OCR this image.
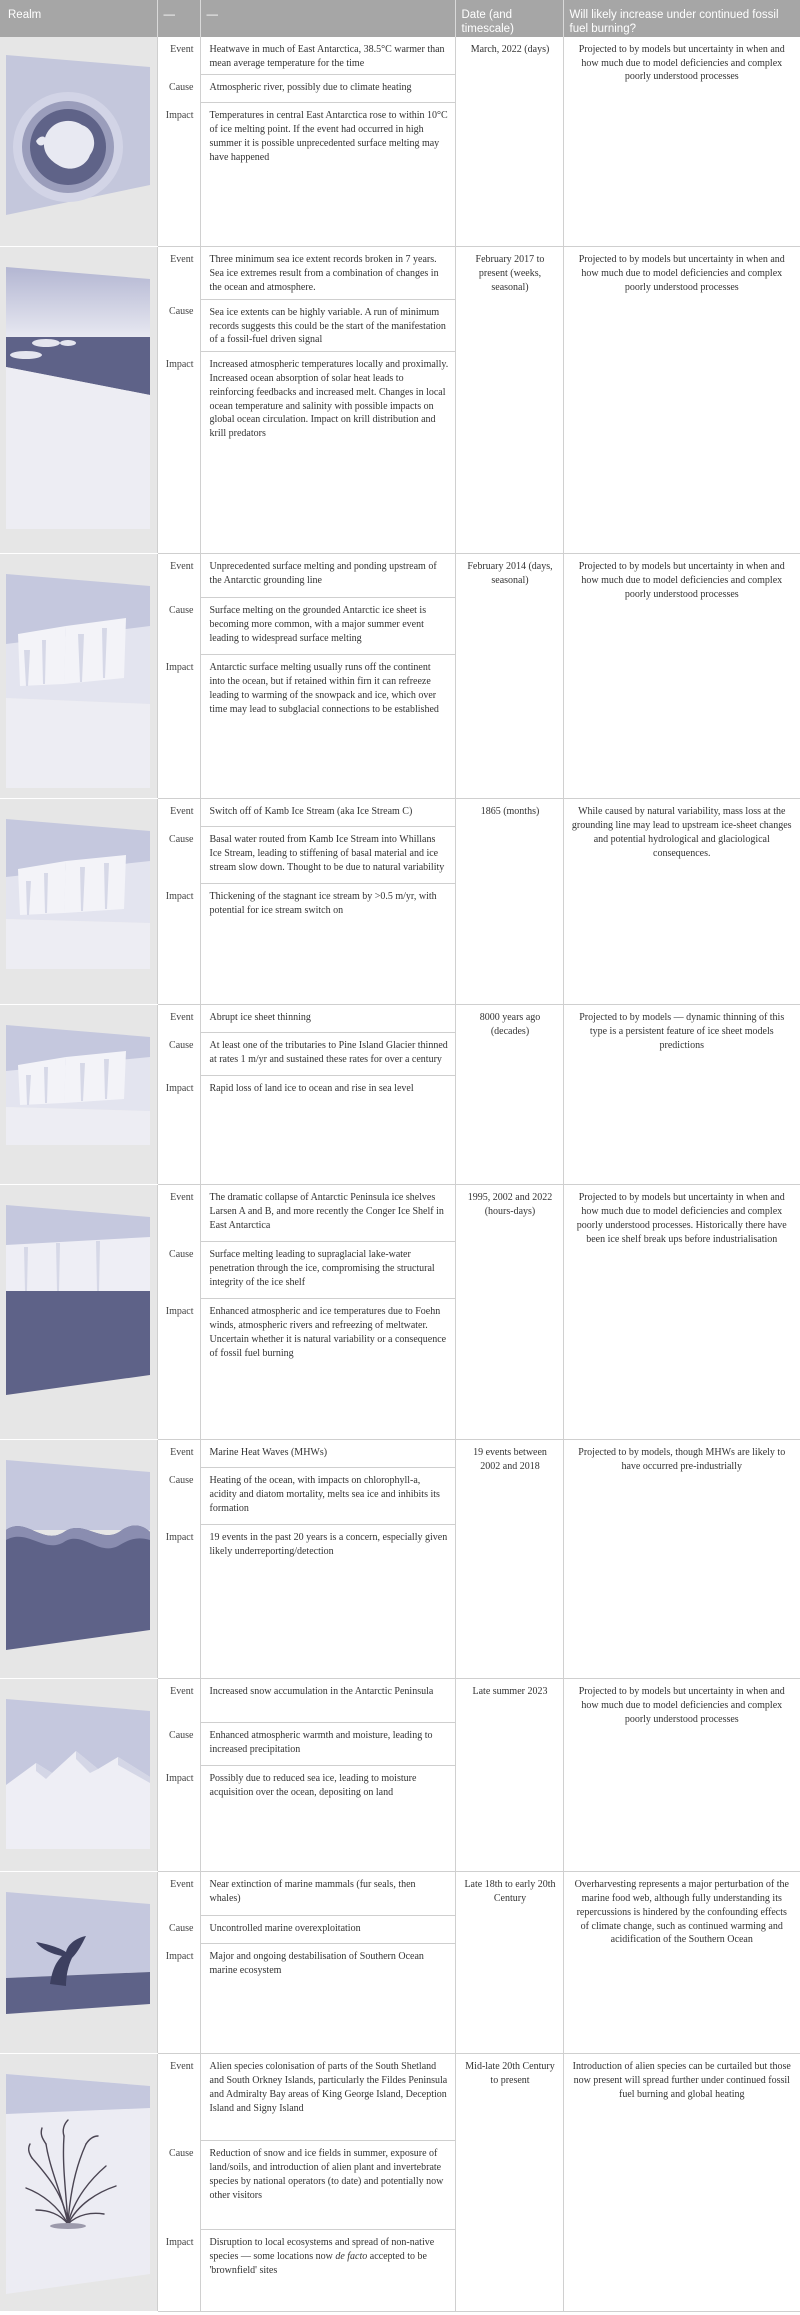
Realm	—	—	Date (and timescale)	Will likely increase under continued fossil fuel burning?

	Event	Heatwave in much of East Antarctica, 38.5°C warmer than mean average temperature for the time	March, 2022 (days)	Projected to by models but uncertainty in when and how much due to model deficiencies and complex poorly understood processes
	Cause	Atmospheric river, possibly due to climate heating		
	Impact	Temperatures in central East Antarctica rose to within 10°C of ice melting point. If the event had occurred in high summer it is possible unprecedented surface melting may have happened		

	Event	Three minimum sea ice extent records broken in 7 years. Sea ice extremes result from a combination of changes in the ocean and atmosphere.	February 2017 to present (weeks, seasonal)	Projected to by models but uncertainty in when and how much due to model deficiencies and complex poorly understood processes
	Cause	Sea ice extents can be highly variable. A run of minimum records suggests this could be the start of the manifestation of a fossil-fuel driven signal		
	Impact	Increased atmospheric temperatures locally and proximally. Increased ocean absorption of solar heat leads to reinforcing feedbacks and increased melt. Changes in local ocean temperature and salinity with possible impacts on global ocean circulation. Impact on krill distribution and krill predators		

	Event	Unprecedented surface melting and ponding upstream of the Antarctic grounding line	February 2014 (days, seasonal)	Projected to by models but uncertainty in when and how much due to model deficiencies and complex poorly understood processes
	Cause	Surface melting on the grounded Antarctic ice sheet is becoming more common, with a major summer event leading to widespread surface melting		
	Impact	Antarctic surface melting usually runs off the continent into the ocean, but if retained within firn it can refreeze leading to warming of the snowpack and ice, which over time may lead to subglacial connections to be established		

	Event	Switch off of Kamb Ice Stream (aka Ice Stream C)	1865 (months)	While caused by natural variability, mass loss at the grounding line may lead to upstream ice-sheet changes and potential hydrological and glaciological consequences.
	Cause	Basal water routed from Kamb Ice Stream into Whillans Ice Stream, leading to stiffening of basal material and ice stream slow down. Thought to be due to natural variability		
	Impact	Thickening of the stagnant ice stream by >0.5 m/yr, with potential for ice stream switch on		

	Event	Abrupt ice sheet thinning	8000 years ago (decades)	Projected to by models — dynamic thinning of this type is a persistent feature of ice sheet models predictions
	Cause	At least one of the tributaries to Pine Island Glacier thinned at rates 1 m/yr and sustained these rates for over a century		
	Impact	Rapid loss of land ice to ocean and rise in sea level		

	Event	The dramatic collapse of Antarctic Peninsula ice shelves Larsen A and B, and more recently the Conger Ice Shelf in East Antarctica	1995, 2002 and 2022 (hours-days)	Projected to by models but uncertainty in when and how much due to model deficiencies and complex poorly understood processes. Historically there have been ice shelf break ups before industrialisation
	Cause	Surface melting leading to supraglacial lake-water penetration through the ice, compromising the structural integrity of the ice shelf		
	Impact	Enhanced atmospheric and ice temperatures due to Foehn winds, atmospheric rivers and refreezing of meltwater. Uncertain whether it is natural variability or a consequence of fossil fuel burning		

	Event	Marine Heat Waves (MHWs)	19 events between 2002 and 2018	Projected to by models, though MHWs are likely to have occurred pre-industrially
	Cause	Heating of the ocean, with impacts on chlorophyll-a, acidity and diatom mortality, melts sea ice and inhibits its formation		
	Impact	19 events in the past 20 years is a concern, especially given likely underreporting/detection		

	Event	Increased snow accumulation in the Antarctic Peninsula	Late summer 2023	Projected to by models but uncertainty in when and how much due to model deficiencies and complex poorly understood processes
	Cause	Enhanced atmospheric warmth and moisture, leading to increased precipitation		
	Impact	Possibly due to reduced sea ice, leading to moisture acquisition over the ocean, depositing on land		

	Event	Near extinction of marine mammals (fur seals, then whales)	Late 18th to early 20th Century	Overharvesting represents a major perturbation of the marine food web, although fully understanding its repercussions is hindered by the confounding effects of climate change, such as continued warming and acidification of the Southern Ocean
	Cause	Uncontrolled marine overexploitation		
	Impact	Major and ongoing destabilisation of Southern Ocean marine ecosystem		

	Event	Alien species colonisation of parts of the South Shetland and South Orkney Islands, particularly the Fildes Peninsula and Admiralty Bay areas of King George Island, Deception Island and Signy Island	Mid-late 20th Century to present	Introduction of alien species can be curtailed but those now present will spread further under continued fossil fuel burning and global heating
	Cause	Reduction of snow and ice fields in summer, exposure of land/soils, and introduction of alien plant and invertebrate species by national operators (to date) and potentially now other visitors		
	Impact	Disruption to local ecosystems and spread of non-native species — some locations now de facto accepted to be 'brownfield' sites		
